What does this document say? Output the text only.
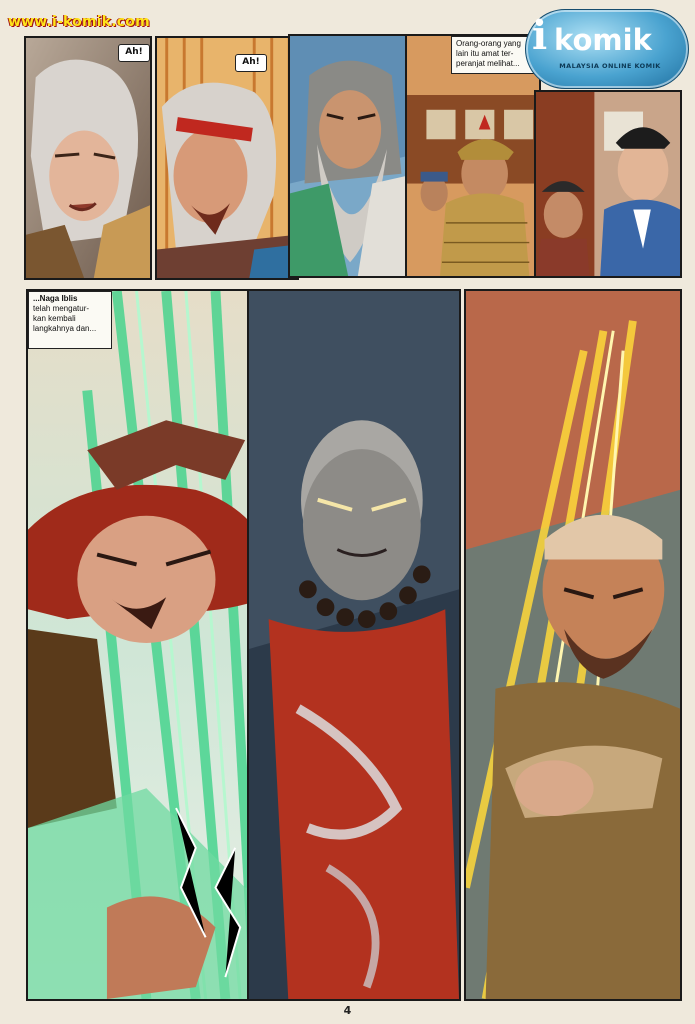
www.i-komik.com
Ah!
Ah!
Orang-orang yang
lain itu amat ter-
peranjat melihat...
i komik
MALAYSIA ONLINE KOMIK
...Naga Iblis
telah mengatur-
kan kembali
langkahnya dan...
4
